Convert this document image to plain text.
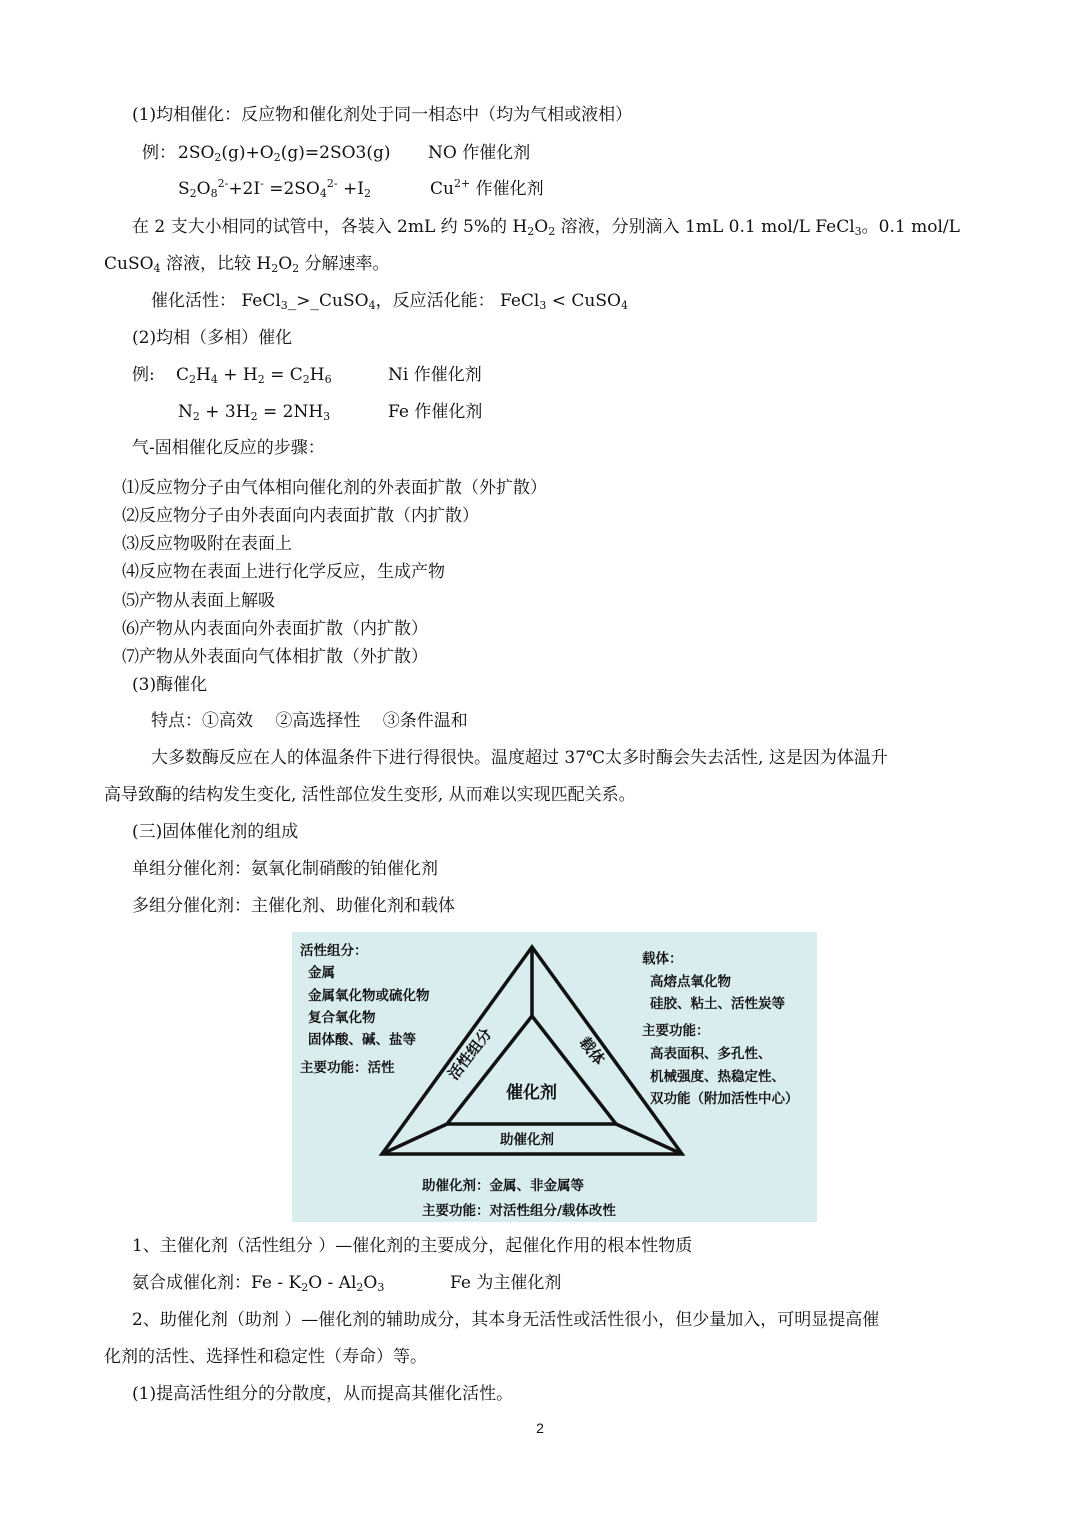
(1)均相催化：反应物和催化剂处于同一相态中（均为气相或液相）
例： $2SO_2(g)+O_2(g)=2SO3(g)$ NO 作催化剂
$S_2O_8^{2-}+2I^- =2SO_4^{2-} +I_2$	$Cu^{2+}$ 作催化剂
在 2 支大小相同的试管中，各装入 2mL 约 5%的 $H_2O_2$ 溶液，分别滴入 1mL 0.1 mol/L FeCl$_3$。0.1 mol/L
CuSO$_4$ 溶液，比较 $H_2O_2$ 分解速率。
催化活性： FeCl$_3$_>_CuSO$_4$，反应活化能： FeCl$_3$ < CuSO$_4$
(2)均相（多相）催化
例: $C_2H_4 + H_2 = C_2H_6$	Ni 作催化剂
$N_2 + 3H_2 = 2NH_3$	Fe 作催化剂
气-固相催化反应的步骤：
⑴反应物分子由气体相向催化剂的外表面扩散（外扩散）
⑵反应物分子由外表面向内表面扩散（内扩散）
⑶反应物吸附在表面上
⑷反应物在表面上进行化学反应，生成产物
⑸产物从表面上解吸
⑹产物从内表面向外表面扩散（内扩散）
⑺产物从外表面向气体相扩散（外扩散）
(3)酶催化
特点：①高效　 ②高选择性　 ③条件温和
大多数酶反应在人的体温条件下进行得很快。温度超过 37℃太多时酶会失去活性, 这是因为体温升
高导致酶的结构发生变化, 活性部位发生变形, 从而难以实现匹配关系。
(三)固体催化剂的组成
单组分催化剂：氨氧化制硝酸的铂催化剂
多组分催化剂：主催化剂、助催化剂和载体
活性组分：
金属
金属氧化物或硫化物
复合氧化物
固体酸、碱、盐等
主要功能：活性
载体：
高熔点氧化物
硅胶、粘土、活性炭等
主要功能：
高表面积、多孔性、
机械强度、热稳定性、
双功能（附加活性中心）
活性组分	载体
催化剂
助催化剂
助催化剂：金属、非金属等
主要功能：对活性组分/载体改性
1、主催化剂（活性组分 ）—催化剂的主要成分，起催化作用的根本性物质
氨合成催化剂：Fe - $K_2O - Al_2O_3$	Fe 为主催化剂
2、助催化剂（助剂 ）—催化剂的辅助成分，其本身无活性或活性很小，但少量加入，可明显提高催
化剂的活性、选择性和稳定性（寿命）等。
(1)提高活性组分的分散度，从而提高其催化活性。
2
